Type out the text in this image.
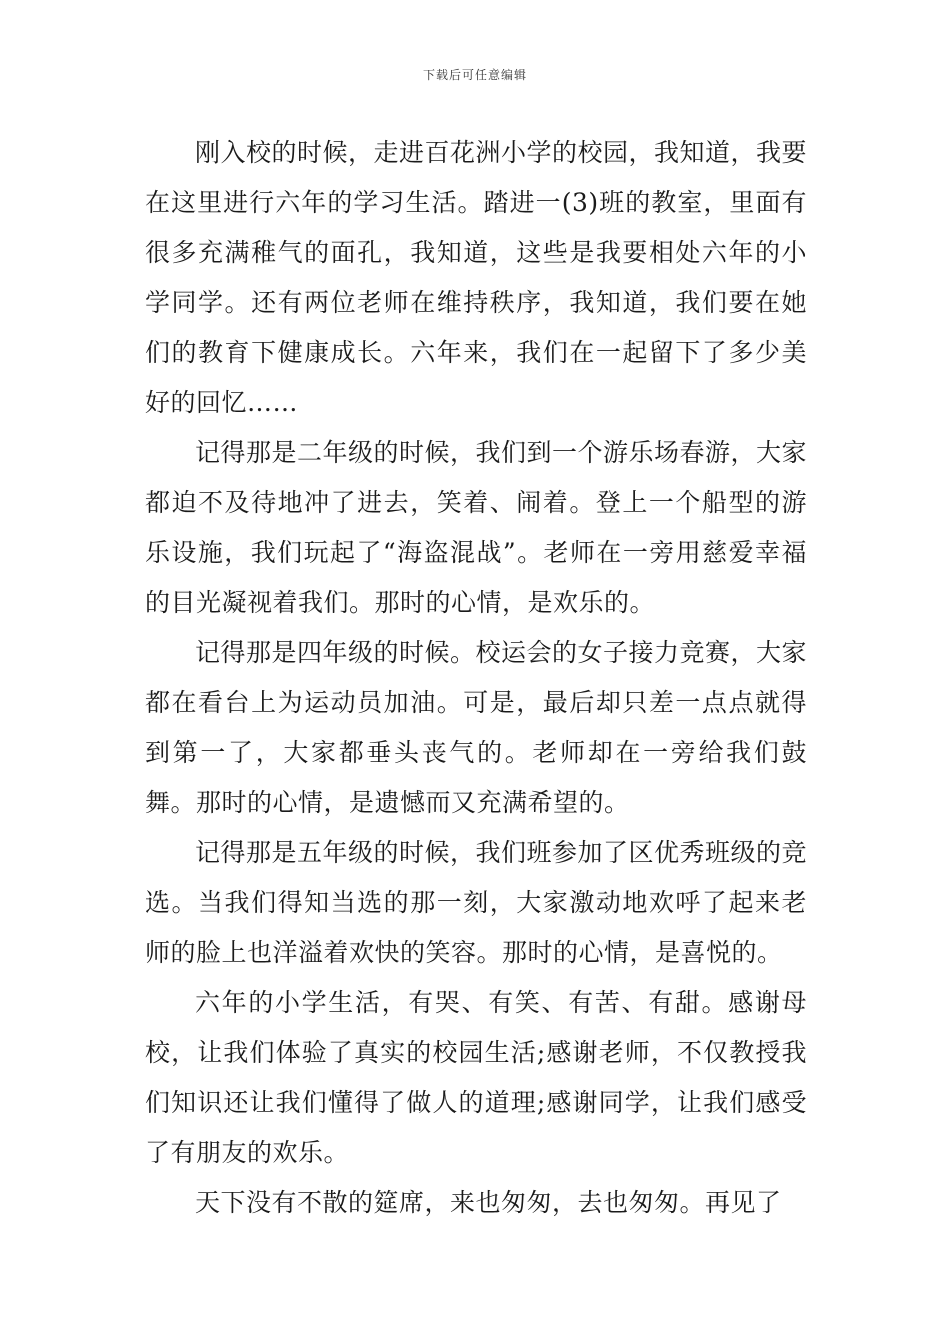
下载后可任意编辑

刚入校的时候，走进百花洲小学的校园，我知道，我要在这里进行六年的学习生活。踏进一(3)班的教室，里面有很多充满稚气的面孔，我知道，这些是我要相处六年的小学同学。还有两位老师在维持秩序，我知道，我们要在她们的教育下健康成长。六年来，我们在一起留下了多少美好的回忆……

记得那是二年级的时候，我们到一个游乐场春游，大家都迫不及待地冲了进去，笑着、闹着。登上一个船型的游乐设施，我们玩起了“海盗混战”。老师在一旁用慈爱幸福的目光凝视着我们。那时的心情，是欢乐的。

记得那是四年级的时候。校运会的女子接力竞赛，大家都在看台上为运动员加油。可是，最后却只差一点点就得到第一了，大家都垂头丧气的。老师却在一旁给我们鼓舞。那时的心情，是遗憾而又充满希望的。

记得那是五年级的时候，我们班参加了区优秀班级的竞选。当我们得知当选的那一刻，大家激动地欢呼了起来老师的脸上也洋溢着欢快的笑容。那时的心情，是喜悦的。

六年的小学生活，有哭、有笑、有苦、有甜。感谢母校，让我们体验了真实的校园生活;感谢老师，不仅教授我们知识还让我们懂得了做人的道理;感谢同学，让我们感受了有朋友的欢乐。

天下没有不散的筵席，来也匆匆，去也匆匆。再见了
